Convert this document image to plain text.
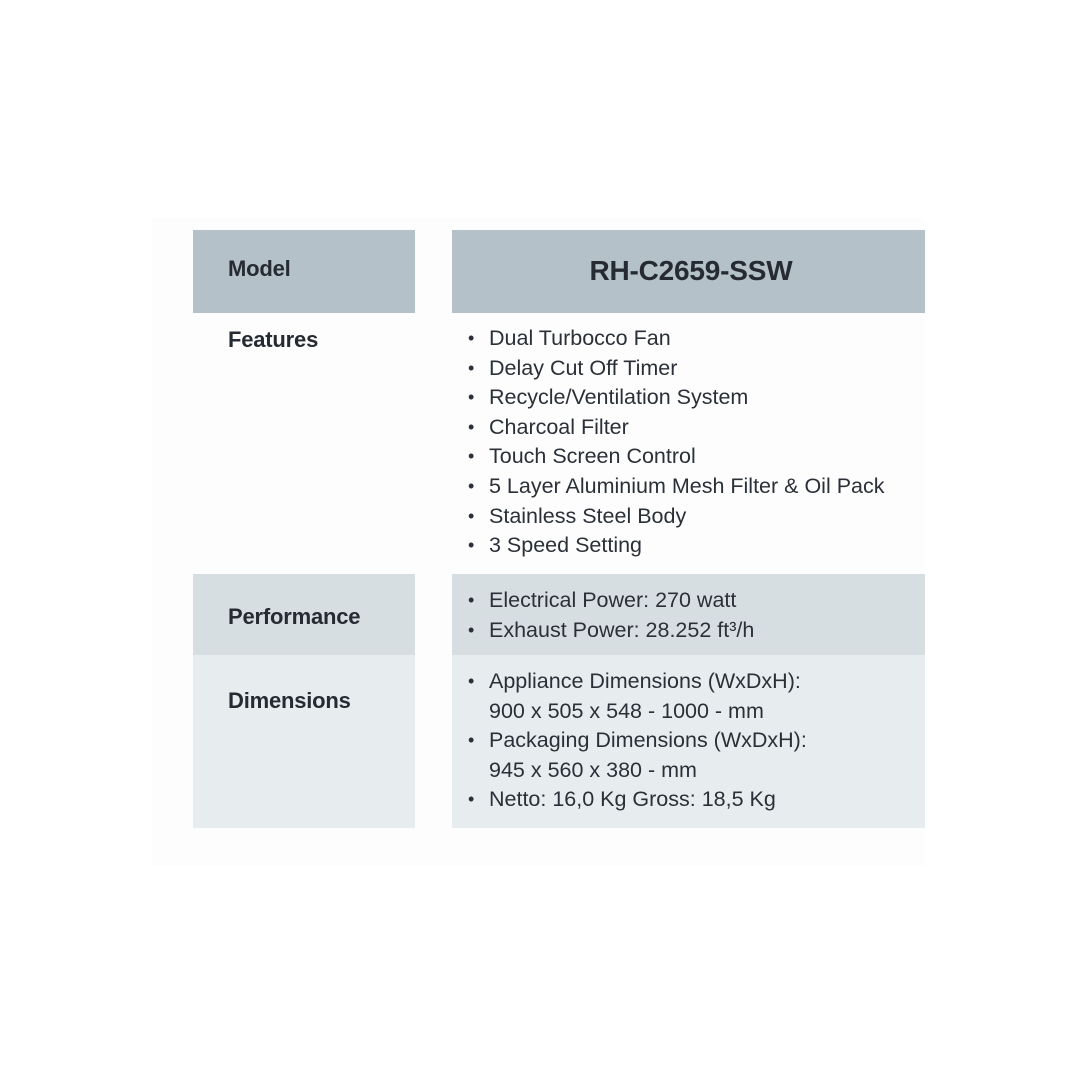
Model	RH-C2659-SSW
Features
•	Dual Turbocco Fan
• Delay Cut Off Timer
• Recycle/Ventilation System
• Charcoal Filter
• Touch Screen Control
• 5 Layer Aluminium Mesh Filter & Oil Pack
• Stainless Steel Body
• 3 Speed Setting
Performance
• Electrical Power: 270 watt
• Exhaust Power: 28.252 ft³/h
Dimensions
• Appliance Dimensions (WxDxH):
900 x 505 x 548 - 1000 - mm
• Packaging Dimensions (WxDxH):
945 x 560 x 380 - mm
• Netto: 16,0 Kg Gross: 18,5 Kg
